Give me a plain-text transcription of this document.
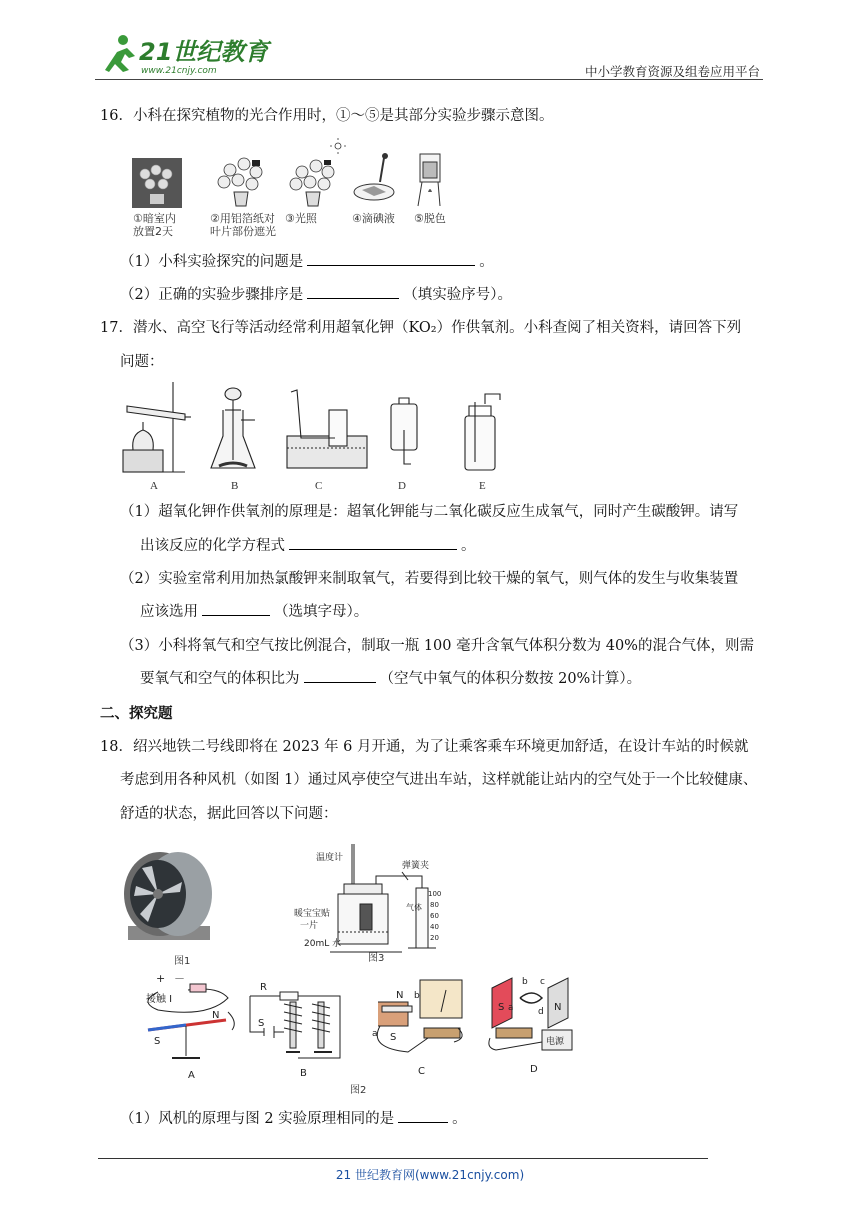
21世纪教育
www.21cnjy.com	中小学教育资源及组卷应用平台
16．小科在探究植物的光合作用时，①～⑤是其部分实验步骤示意图。
①暗室内
放置2天
②用铝箔纸对
叶片部份遮光
③光照	④滴碘液 ⑤脱色
（1）小科实验探究的问题是	。
（2）正确的实验步骤排序是	（填实验序号）。
17．潜水、高空飞行等活动经常利用超氧化钾（KO₂）作供氧剂。小科查阅了相关资料，请回答下列
问题：
A	B	C	D	E
（1）超氧化钾作供氧剂的原理是：超氧化钾能与二氧化碳反应生成氧气，同时产生碳酸钾。请写
出该反应的化学方程式	。
（2）实验室常利用加热氯酸钾来制取氧气，若要得到比较干燥的氧气，则气体的发生与收集装置
应该选用	（选填字母）。
（3）小科将氧气和空气按比例混合，制取一瓶 100 毫升含氧气体积分数为 40%的混合气体，则需
要氧气和空气的体积比为	（空气中氧气的体积分数按 20%计算）。
二、探究题
18．绍兴地铁二号线即将在 2023 年 6 月开通，为了让乘客乘车环境更加舒适，在设计车站的时候就
考虑到用各种风机（如图 1）通过风亭使空气进出车站，这样就能让站内的空气处于一个比较健康、
舒适的状态，据此回答以下问题：
图1
温度计
弹簧夹
暖宝宝贴
一片
20mL 水
气体
100
80
60
40
20
图3
+ －
接触 I
N
S
A
R
S
B
N
S
a
b
C
S a
b c
d N
电源
D
图2
（1）风机的原理与图 2 实验原理相同的是	。
21 世纪教育网(www.21cnjy.com)
